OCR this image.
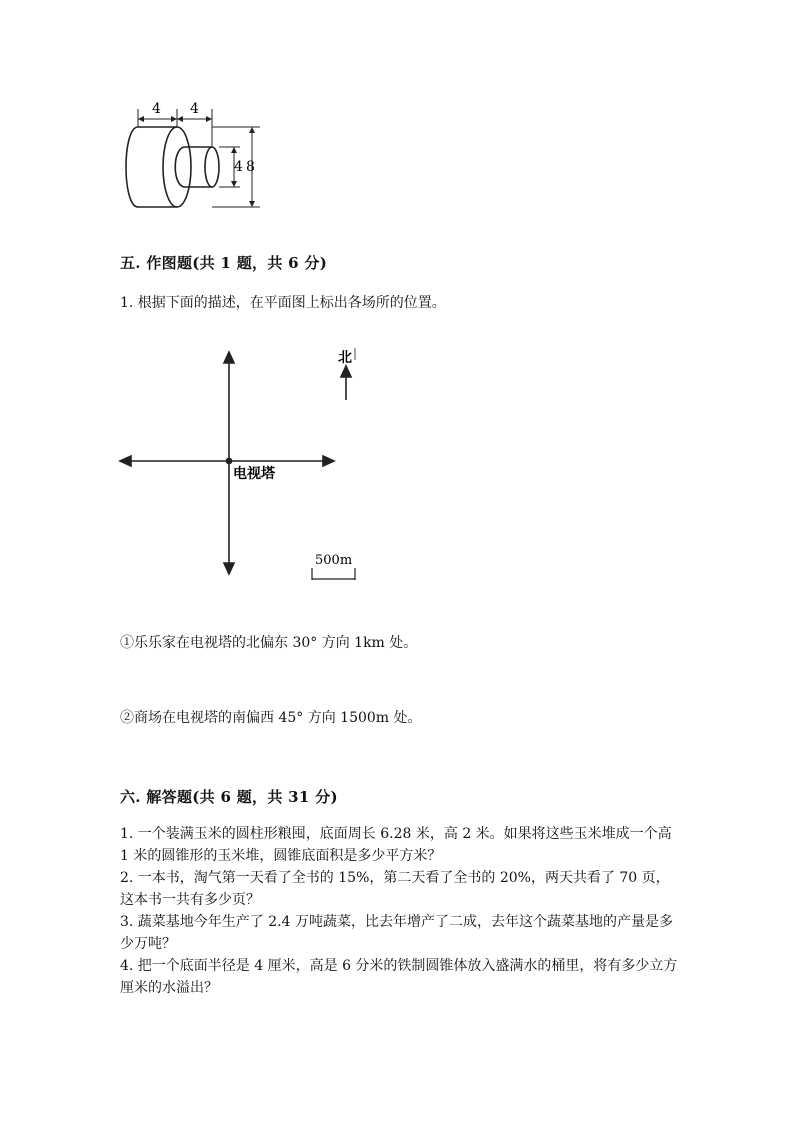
4 4
4 8
五. 作图题(共 1 题，共 6 分)
1. 根据下面的描述，在平面图上标出各场所的位置。
北
电视塔
500m
①乐乐家在电视塔的北偏东 30° 方向 1km 处。
②商场在电视塔的南偏西 45° 方向 1500m 处。
六. 解答题(共 6 题，共 31 分)

1. 一个装满玉米的圆柱形粮囤，底面周长 6.28 米，高 2 米。如果将这些玉米堆成一个高 1 米的圆锥形的玉米堆，圆锥底面积是多少平方米？

2. 一本书，淘气第一天看了全书的 15%，第二天看了全书的 20%，两天共看了 70 页，这本书一共有多少页？

3. 蔬菜基地今年生产了 2.4 万吨蔬菜，比去年增产了二成，去年这个蔬菜基地的产量是多少万吨？

4. 把一个底面半径是 4 厘米，高是 6 分米的铁制圆锥体放入盛满水的桶里，将有多少立方厘米的水溢出？
